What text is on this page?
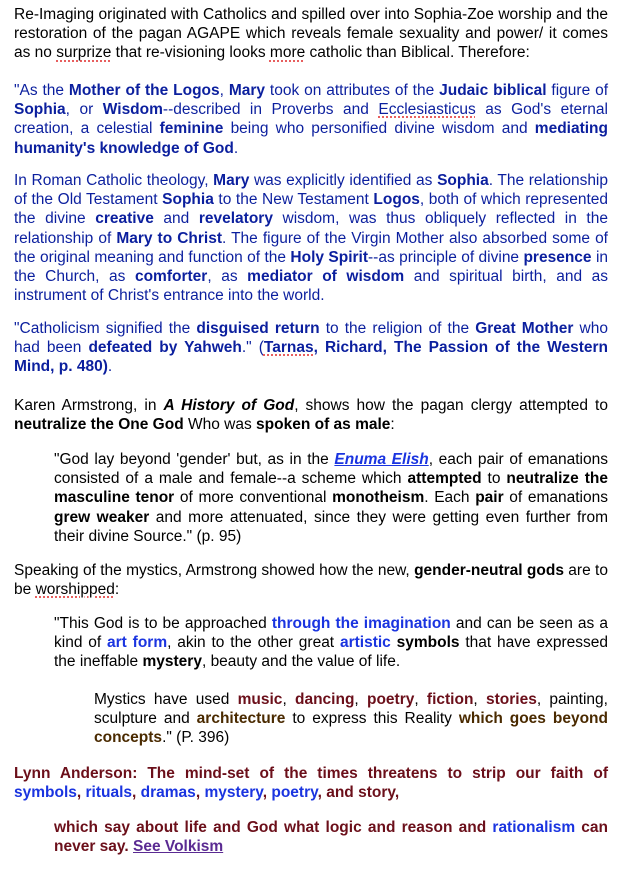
Re-Imaging originated with Catholics and spilled over into Sophia-Zoe worship and the restoration of the pagan AGAPE which reveals female sexuality and power/ it comes as no surprize that re-visioning looks more catholic than Biblical. Therefore:

"As the Mother of the Logos, Mary took on attributes of the Judaic biblical figure of Sophia, or Wisdom--described in Proverbs and Ecclesiasticus as God's eternal creation, a celestial feminine being who personified divine wisdom and mediating humanity's knowledge of God.

In Roman Catholic theology, Mary was explicitly identified as Sophia. The relationship of the Old Testament Sophia to the New Testament Logos, both of which represented the divine creative and revelatory wisdom, was thus obliquely reflected in the relationship of Mary to Christ. The figure of the Virgin Mother also absorbed some of the original meaning and function of the Holy Spirit--as principle of divine presence in the Church, as comforter, as mediator of wisdom and spiritual birth, and as instrument of Christ's entrance into the world.

"Catholicism signified the disguised return to the religion of the Great Mother who had been defeated by Yahweh." (Tarnas, Richard, The Passion of the Western Mind, p. 480).

Karen Armstrong, in A History of God, shows how the pagan clergy attempted to neutralize the One God Who was spoken of as male:

"God lay beyond 'gender' but, as in the Enuma Elish, each pair of emanations consisted of a male and female--a scheme which attempted to neutralize the masculine tenor of more conventional monotheism. Each pair of emanations grew weaker and more attenuated, since they were getting even further from their divine Source." (p. 95)

Speaking of the mystics, Armstrong showed how the new, gender-neutral gods are to be worshipped:

"This God is to be approached through the imagination and can be seen as a kind of art form, akin to the other great artistic symbols that have expressed the ineffable mystery, beauty and the value of life.

Mystics have used music, dancing, poetry, fiction, stories, painting, sculpture and architecture to express this Reality which goes beyond concepts." (P. 396)

Lynn Anderson: The mind-set of the times threatens to strip our faith of symbols, rituals, dramas, mystery, poetry, and story,

which say about life and God what logic and reason and rationalism can never say. See Volkism
